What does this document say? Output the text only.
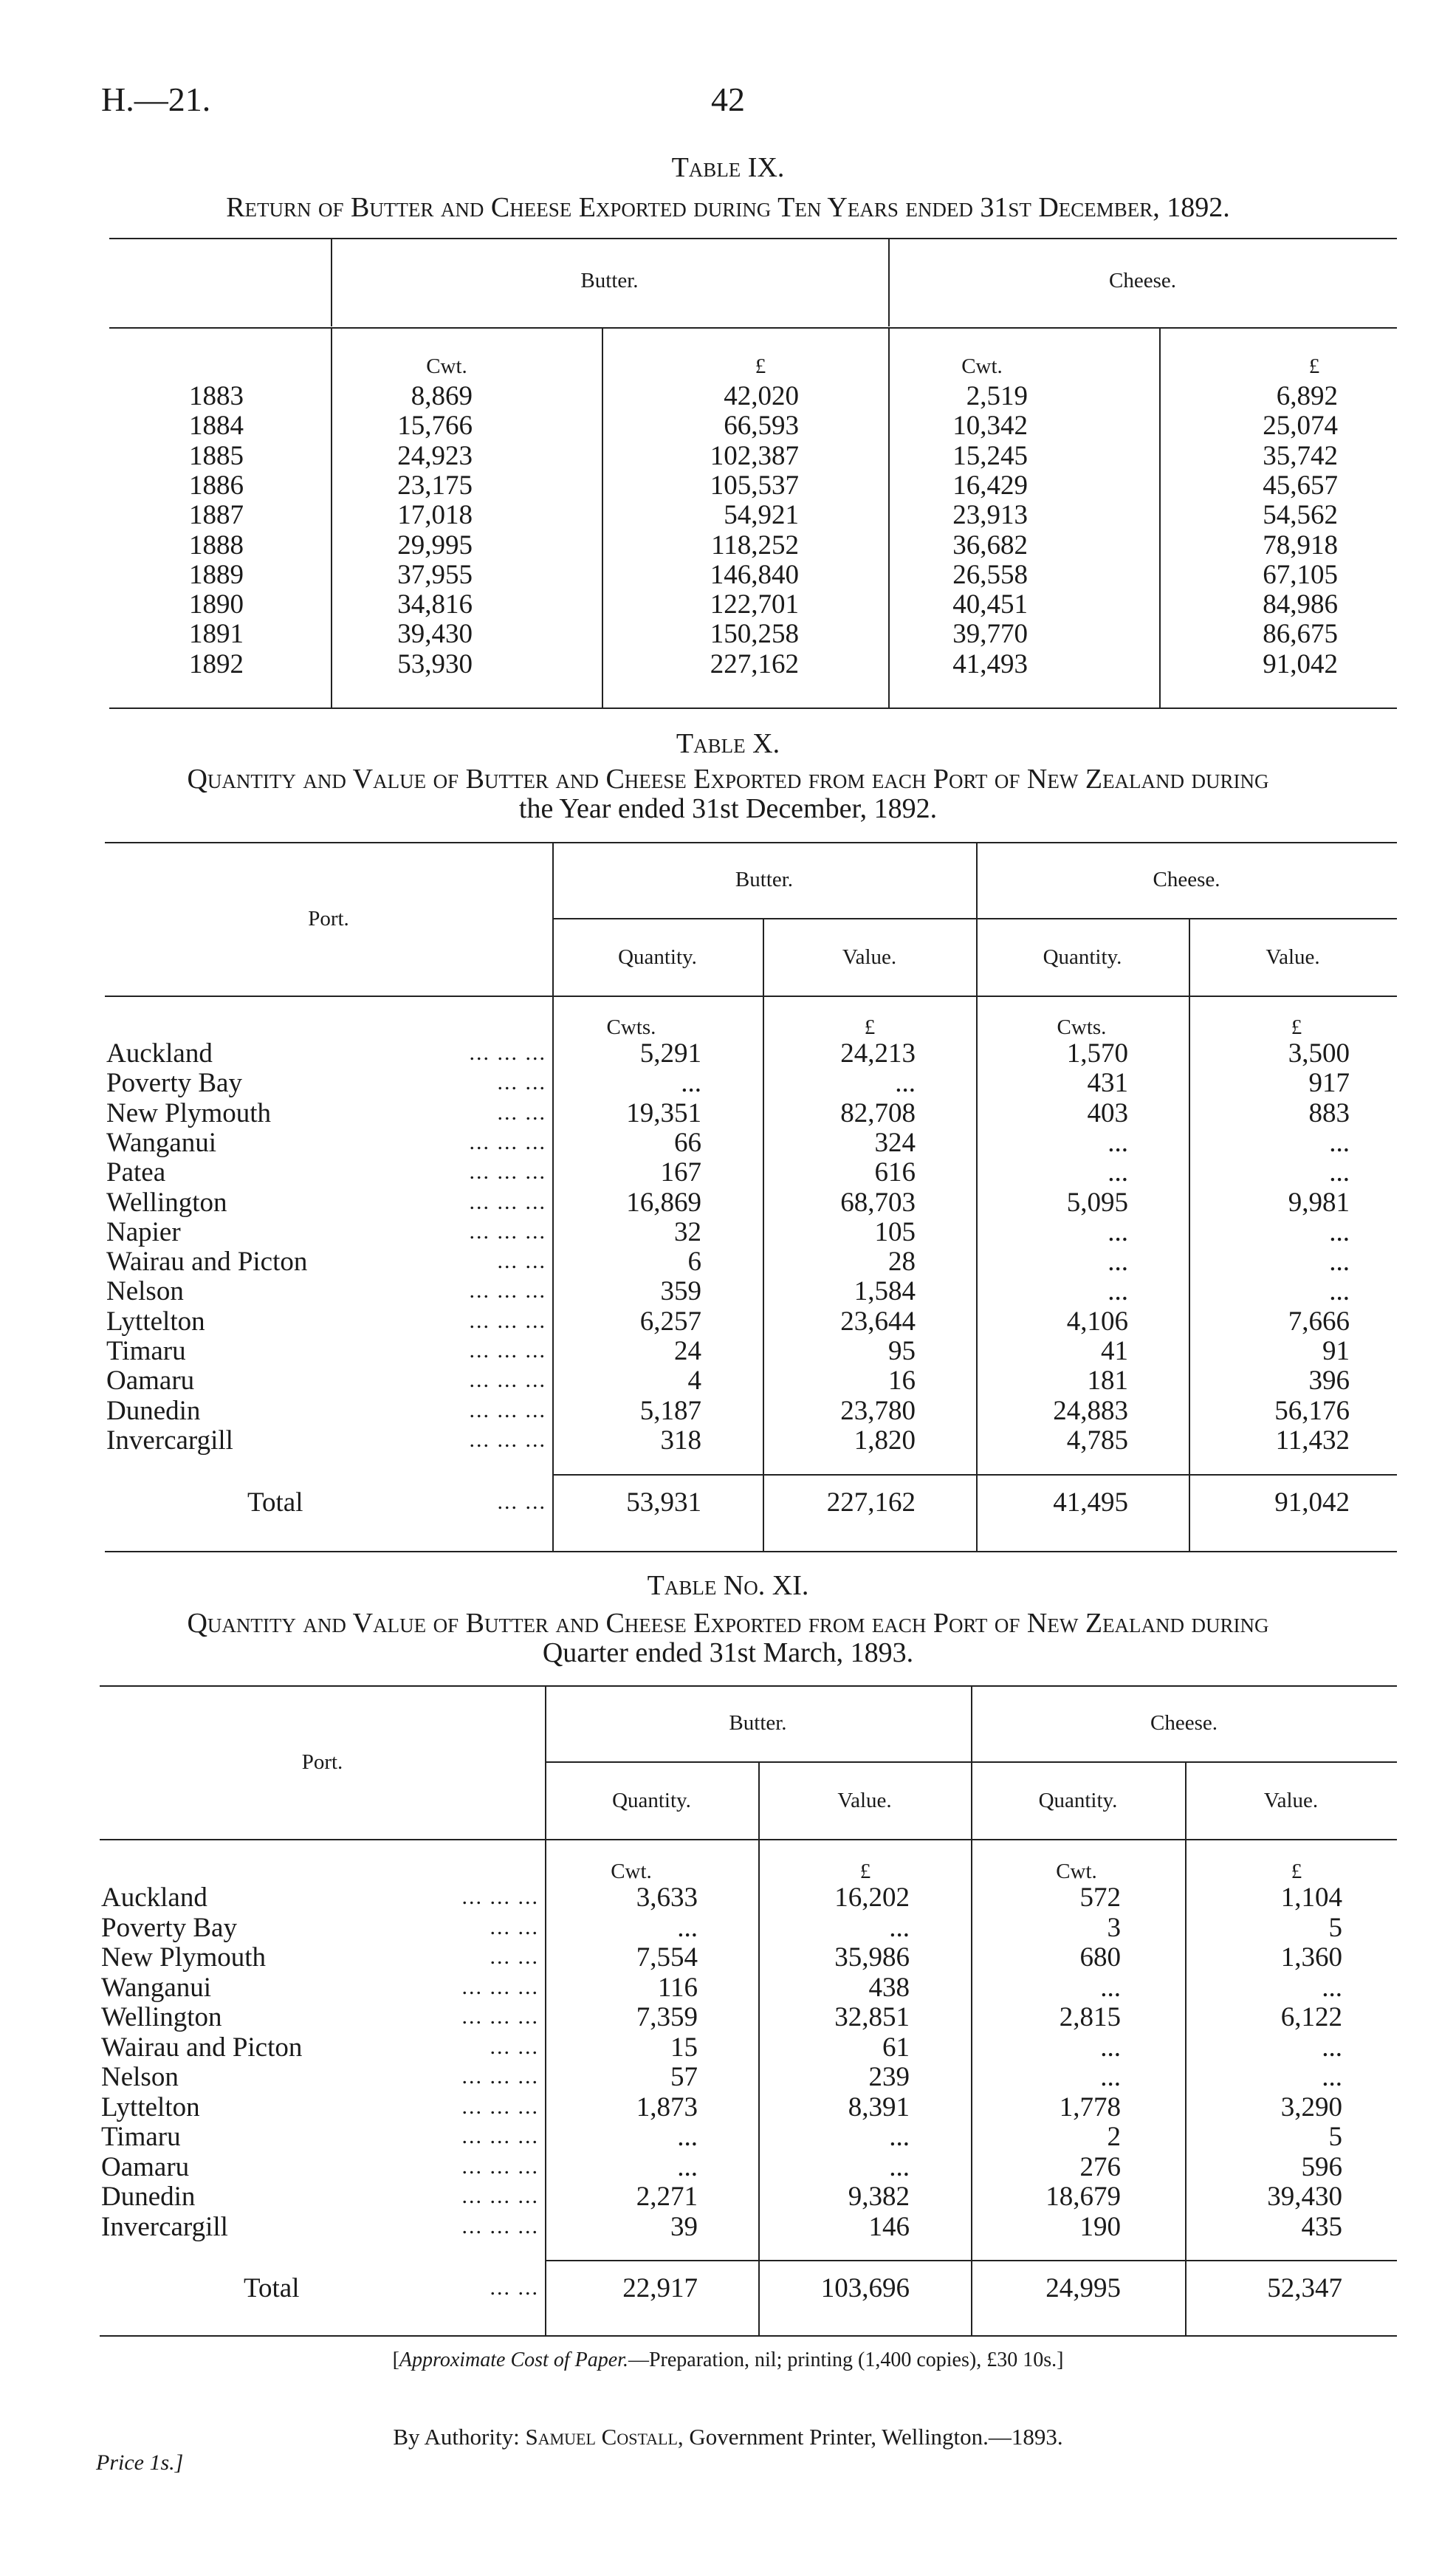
H.—21.	42
Table IX.
Return of Butter and Cheese Exported during Ten Years ended 31st December, 1892.
Butter.	Cheese.
Cwt.	£	Cwt.	£
1883	8,869	42,020	2,519	6,892
1884	15,766	66,593	10,342	25,074
1885	24,923	102,387	15,245	35,742
1886	23,175	105,537	16,429	45,657
1887	17,018	54,921	23,913	54,562
1888	29,995	118,252	36,682	78,918
1889	37,955	146,840	26,558	67,105
1890	34,816	122,701	40,451	84,986
1891	39,430	150,258	39,770	86,675
1892	53,930	227,162	41,493	91,042
Table X.
Quantity and Value of Butter and Cheese Exported from each Port of New Zealand during
the Year ended 31st December, 1892.
Port.
Butter.	Cheese.
Quantity.	Value.	Quantity.	Value.
Cwts.	£	Cwts.	£
Auckland	... ... ...	5,291	24,213	1,570	3,500
Poverty Bay	... ...	...	...	431	917
New Plymouth	... ...	19,351	82,708	403	883
Wanganui	... ... ...	66	324	...	...
Patea	... ... ...	167	616	...	...
Wellington	... ... ...	16,869	68,703	5,095	9,981
Napier	... ... ...	32	105	...	...
Wairau and Picton	... ...	6	28	...	...
Nelson	... ... ...	359	1,584	...	...
Lyttelton	... ... ...	6,257	23,644	4,106	7,666
Timaru	... ... ...	24	95	41	91
Oamaru	... ... ...	4	16	181	396
Dunedin	... ... ...	5,187	23,780	24,883	56,176
Invercargill	... ... ...	318	1,820	4,785	11,432
Total	... ...	53,931	227,162	41,495	91,042
Table No. XI.
Quantity and Value of Butter and Cheese Exported from each Port of New Zealand during
Quarter ended 31st March, 1893.
Port.
Butter.	Cheese.
Quantity.	Value.	Quantity.	Value.
Cwt.	£	Cwt.	£
Auckland	... ... ...	3,633	16,202	572	1,104
Poverty Bay	... ...	...	...	3	5
New Plymouth	... ...	7,554	35,986	680	1,360
Wanganui	... ... ...	116	438	...	...
Wellington	... ... ...	7,359	32,851	2,815	6,122
Wairau and Picton	... ...	15	61	...	...
Nelson	... ... ...	57	239	...	...
Lyttelton	... ... ...	1,873	8,391	1,778	3,290
Timaru	... ... ...	...	...	2	5
Oamaru	... ... ...	...	...	276	596
Dunedin	... ... ...	2,271	9,382	18,679	39,430
Invercargill	... ... ...	39	146	190	435
Total	... ...	22,917	103,696	24,995	52,347
[Approximate Cost of Paper.—Preparation, nil; printing (1,400 copies), £30 10s.]
By Authority: Samuel Costall, Government Printer, Wellington.—1893.
Price 1s.]
